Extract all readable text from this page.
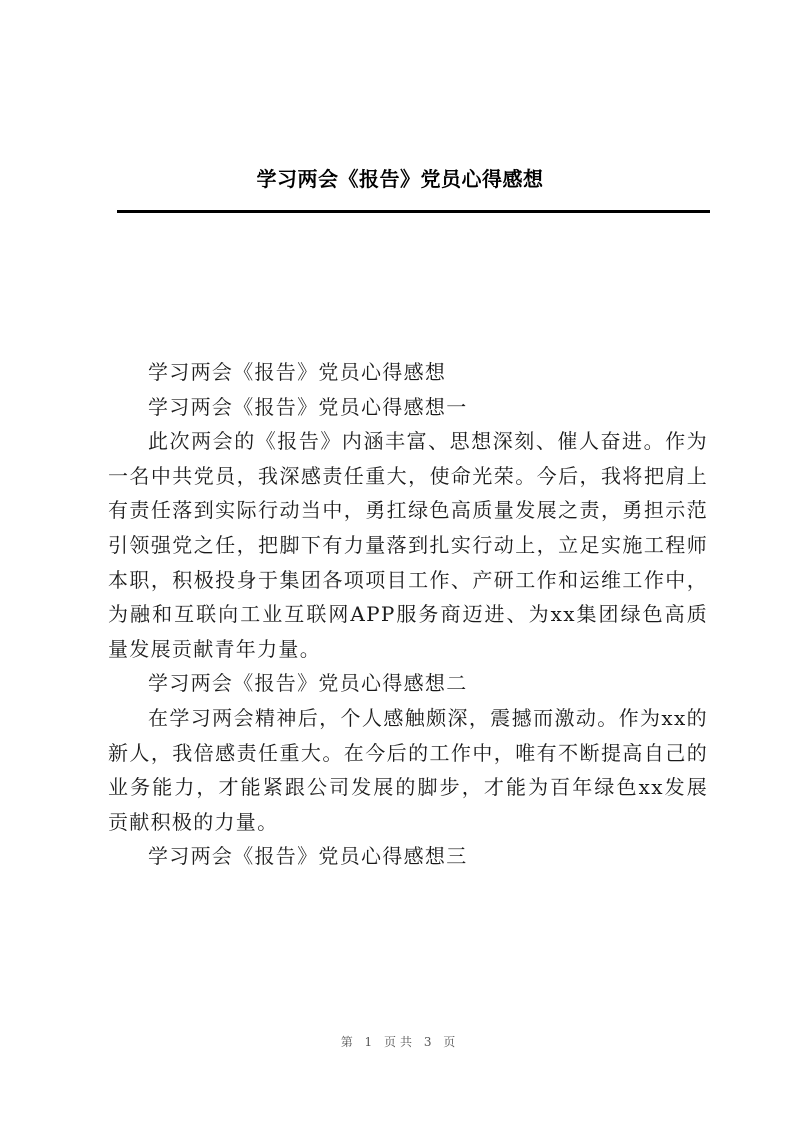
学习两会《报告》党员心得感想

学习两会《报告》党员心得感想

学习两会《报告》党员心得感想一

此次两会的《报告》内涵丰富、思想深刻、催人奋进。作为一名中共党员，我深感责任重大，使命光荣。今后，我将把肩上有责任落到实际行动当中，勇扛绿色高质量发展之责，勇担示范引领强党之任，把脚下有力量落到扎实行动上，立足实施工程师本职，积极投身于集团各项项目工作、产研工作和运维工作中，为融和互联向工业互联网APP服务商迈进、为xx集团绿色高质量发展贡献青年力量。

学习两会《报告》党员心得感想二

在学习两会精神后，个人感触颇深，震撼而激动。作为xx的新人，我倍感责任重大。在今后的工作中，唯有不断提高自己的业务能力，才能紧跟公司发展的脚步，才能为百年绿色xx发展贡献积极的力量。

学习两会《报告》党员心得感想三

第 1 页共 3 页
